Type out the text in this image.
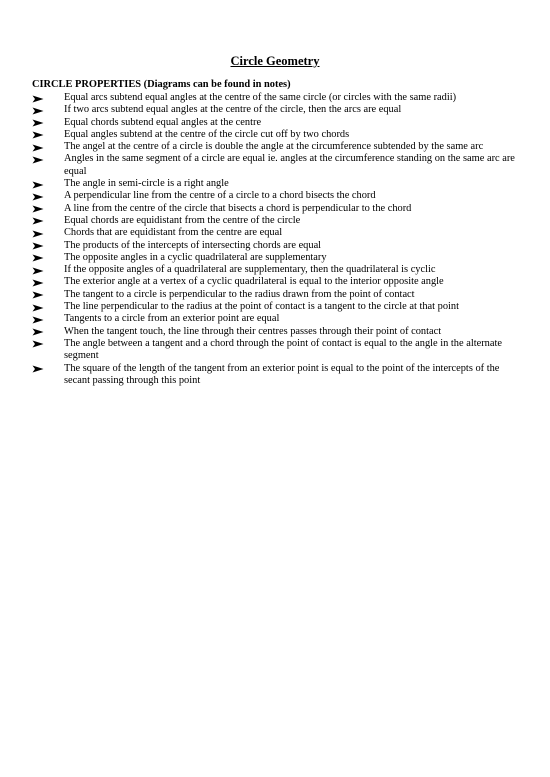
Circle Geometry
CIRCLE PROPERTIES (Diagrams can be found in notes)
Equal arcs subtend equal angles at the centre of the same circle (or circles with the same radii)
If two arcs subtend equal angles at the centre of the circle, then the arcs are equal
Equal chords subtend equal angles at the centre
Equal angles subtend at the centre of the circle cut off by two chords
The angel at the centre of a circle is double the angle at the circumference subtended by the same arc
Angles in the same segment of a circle are equal ie. angles at the circumference standing on the same arc are equal
The angle in semi-circle is a right angle
A perpendicular line from the centre of a circle to a chord bisects the chord
A line from the centre of the circle that bisects a chord is perpendicular to the chord
Equal chords are equidistant from the centre of the circle
Chords that are equidistant from the centre are equal
The products of the intercepts of intersecting chords are equal
The opposite angles in a cyclic quadrilateral are supplementary
If the opposite angles of a quadrilateral are supplementary, then the quadrilateral is cyclic
The exterior angle at a vertex of a cyclic quadrilateral is equal to the interior opposite angle
The tangent to a circle is perpendicular to the radius drawn from the point of contact
The line perpendicular to the radius at the point of contact is a tangent to the circle at that point
Tangents to a circle from an exterior point are equal
When the tangent touch, the line through their centres passes through their point of contact
The angle between a tangent and a chord through the point of contact is equal to the angle in the alternate segment
The square of the length of the tangent from an exterior point is equal to the point of the intercepts of the secant passing through this point
